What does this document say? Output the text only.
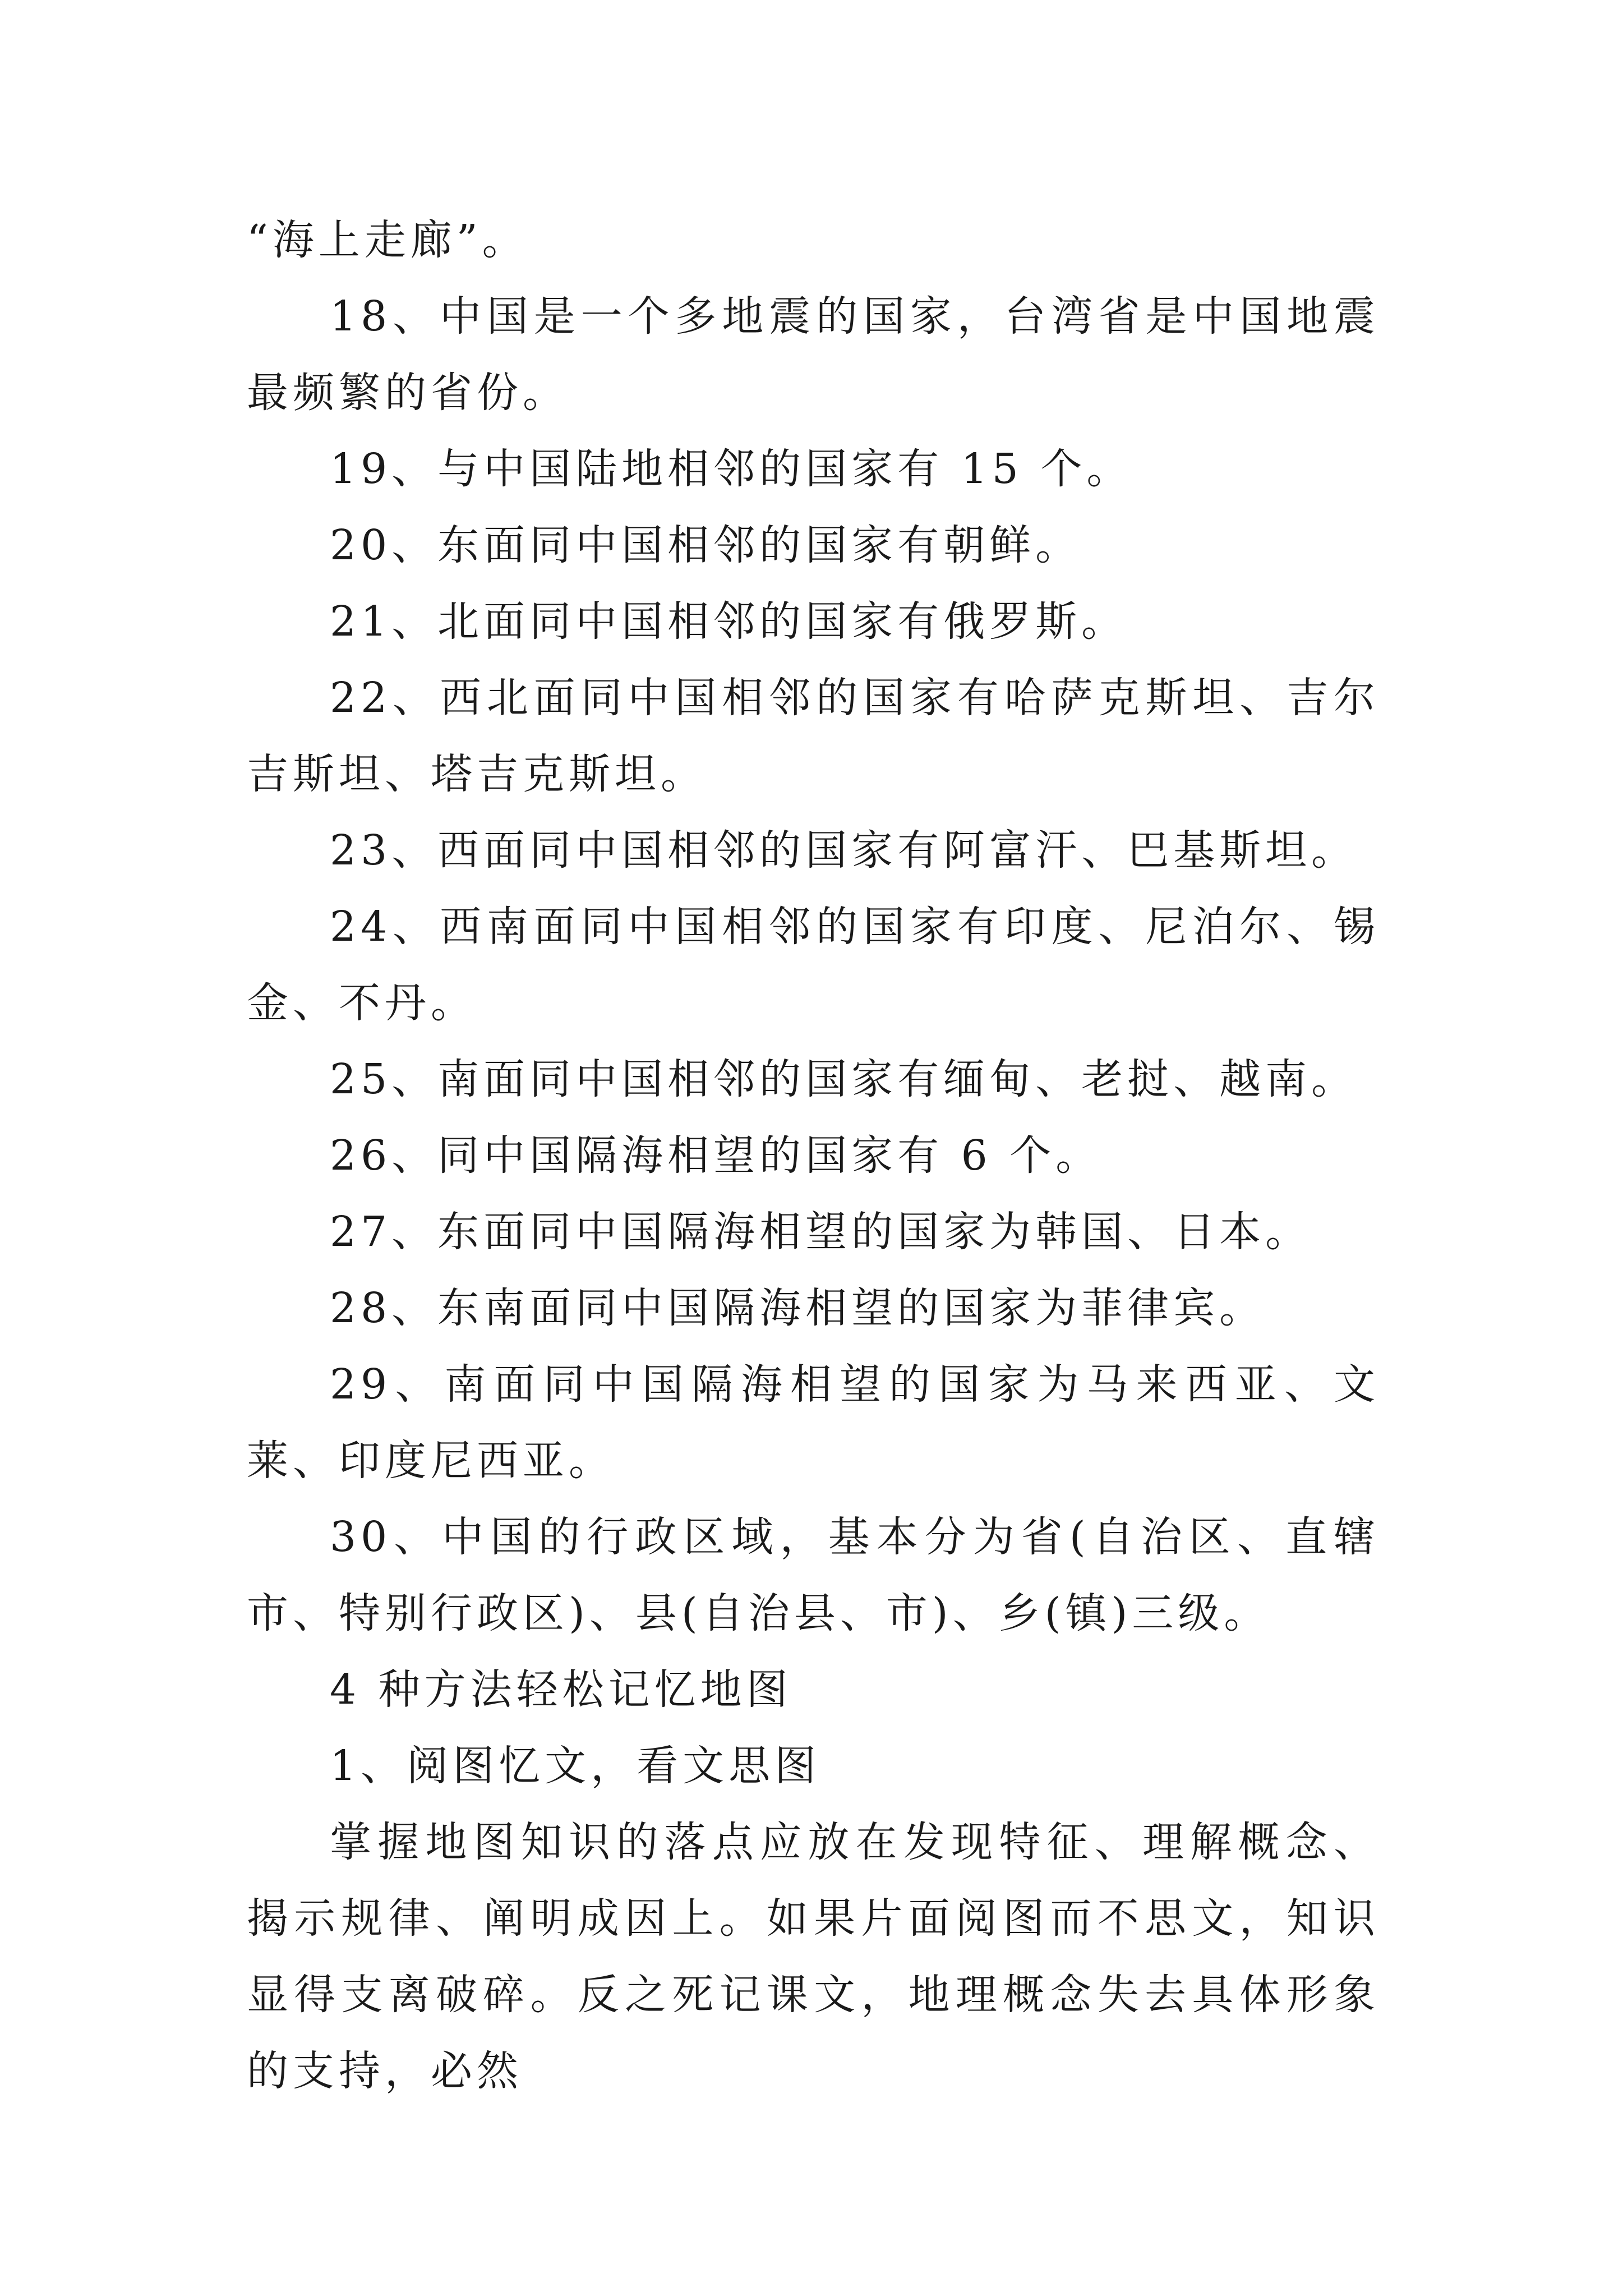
“海上走廊”。

18、中国是一个多地震的国家，台湾省是中国地震最频繁的省份。

19、与中国陆地相邻的国家有 15 个。

20、东面同中国相邻的国家有朝鲜。

21、北面同中国相邻的国家有俄罗斯。

22、西北面同中国相邻的国家有哈萨克斯坦、吉尔吉斯坦、塔吉克斯坦。

23、西面同中国相邻的国家有阿富汗、巴基斯坦。

24、西南面同中国相邻的国家有印度、尼泊尔、锡金、不丹。

25、南面同中国相邻的国家有缅甸、老挝、越南。

26、同中国隔海相望的国家有 6 个。

27、东面同中国隔海相望的国家为韩国、日本。

28、东南面同中国隔海相望的国家为菲律宾。

29、南面同中国隔海相望的国家为马来西亚、文莱、印度尼西亚。

30、中国的行政区域，基本分为省(自治区、直辖市、特别行政区)、县(自治县、市)、乡(镇)三级。

4 种方法轻松记忆地图

1、阅图忆文，看文思图

掌握地图知识的落点应放在发现特征、理解概念、揭示规律、阐明成因上。如果片面阅图而不思文，知识显得支离破碎。反之死记课文，地理概念失去具体形象的支持，必然
